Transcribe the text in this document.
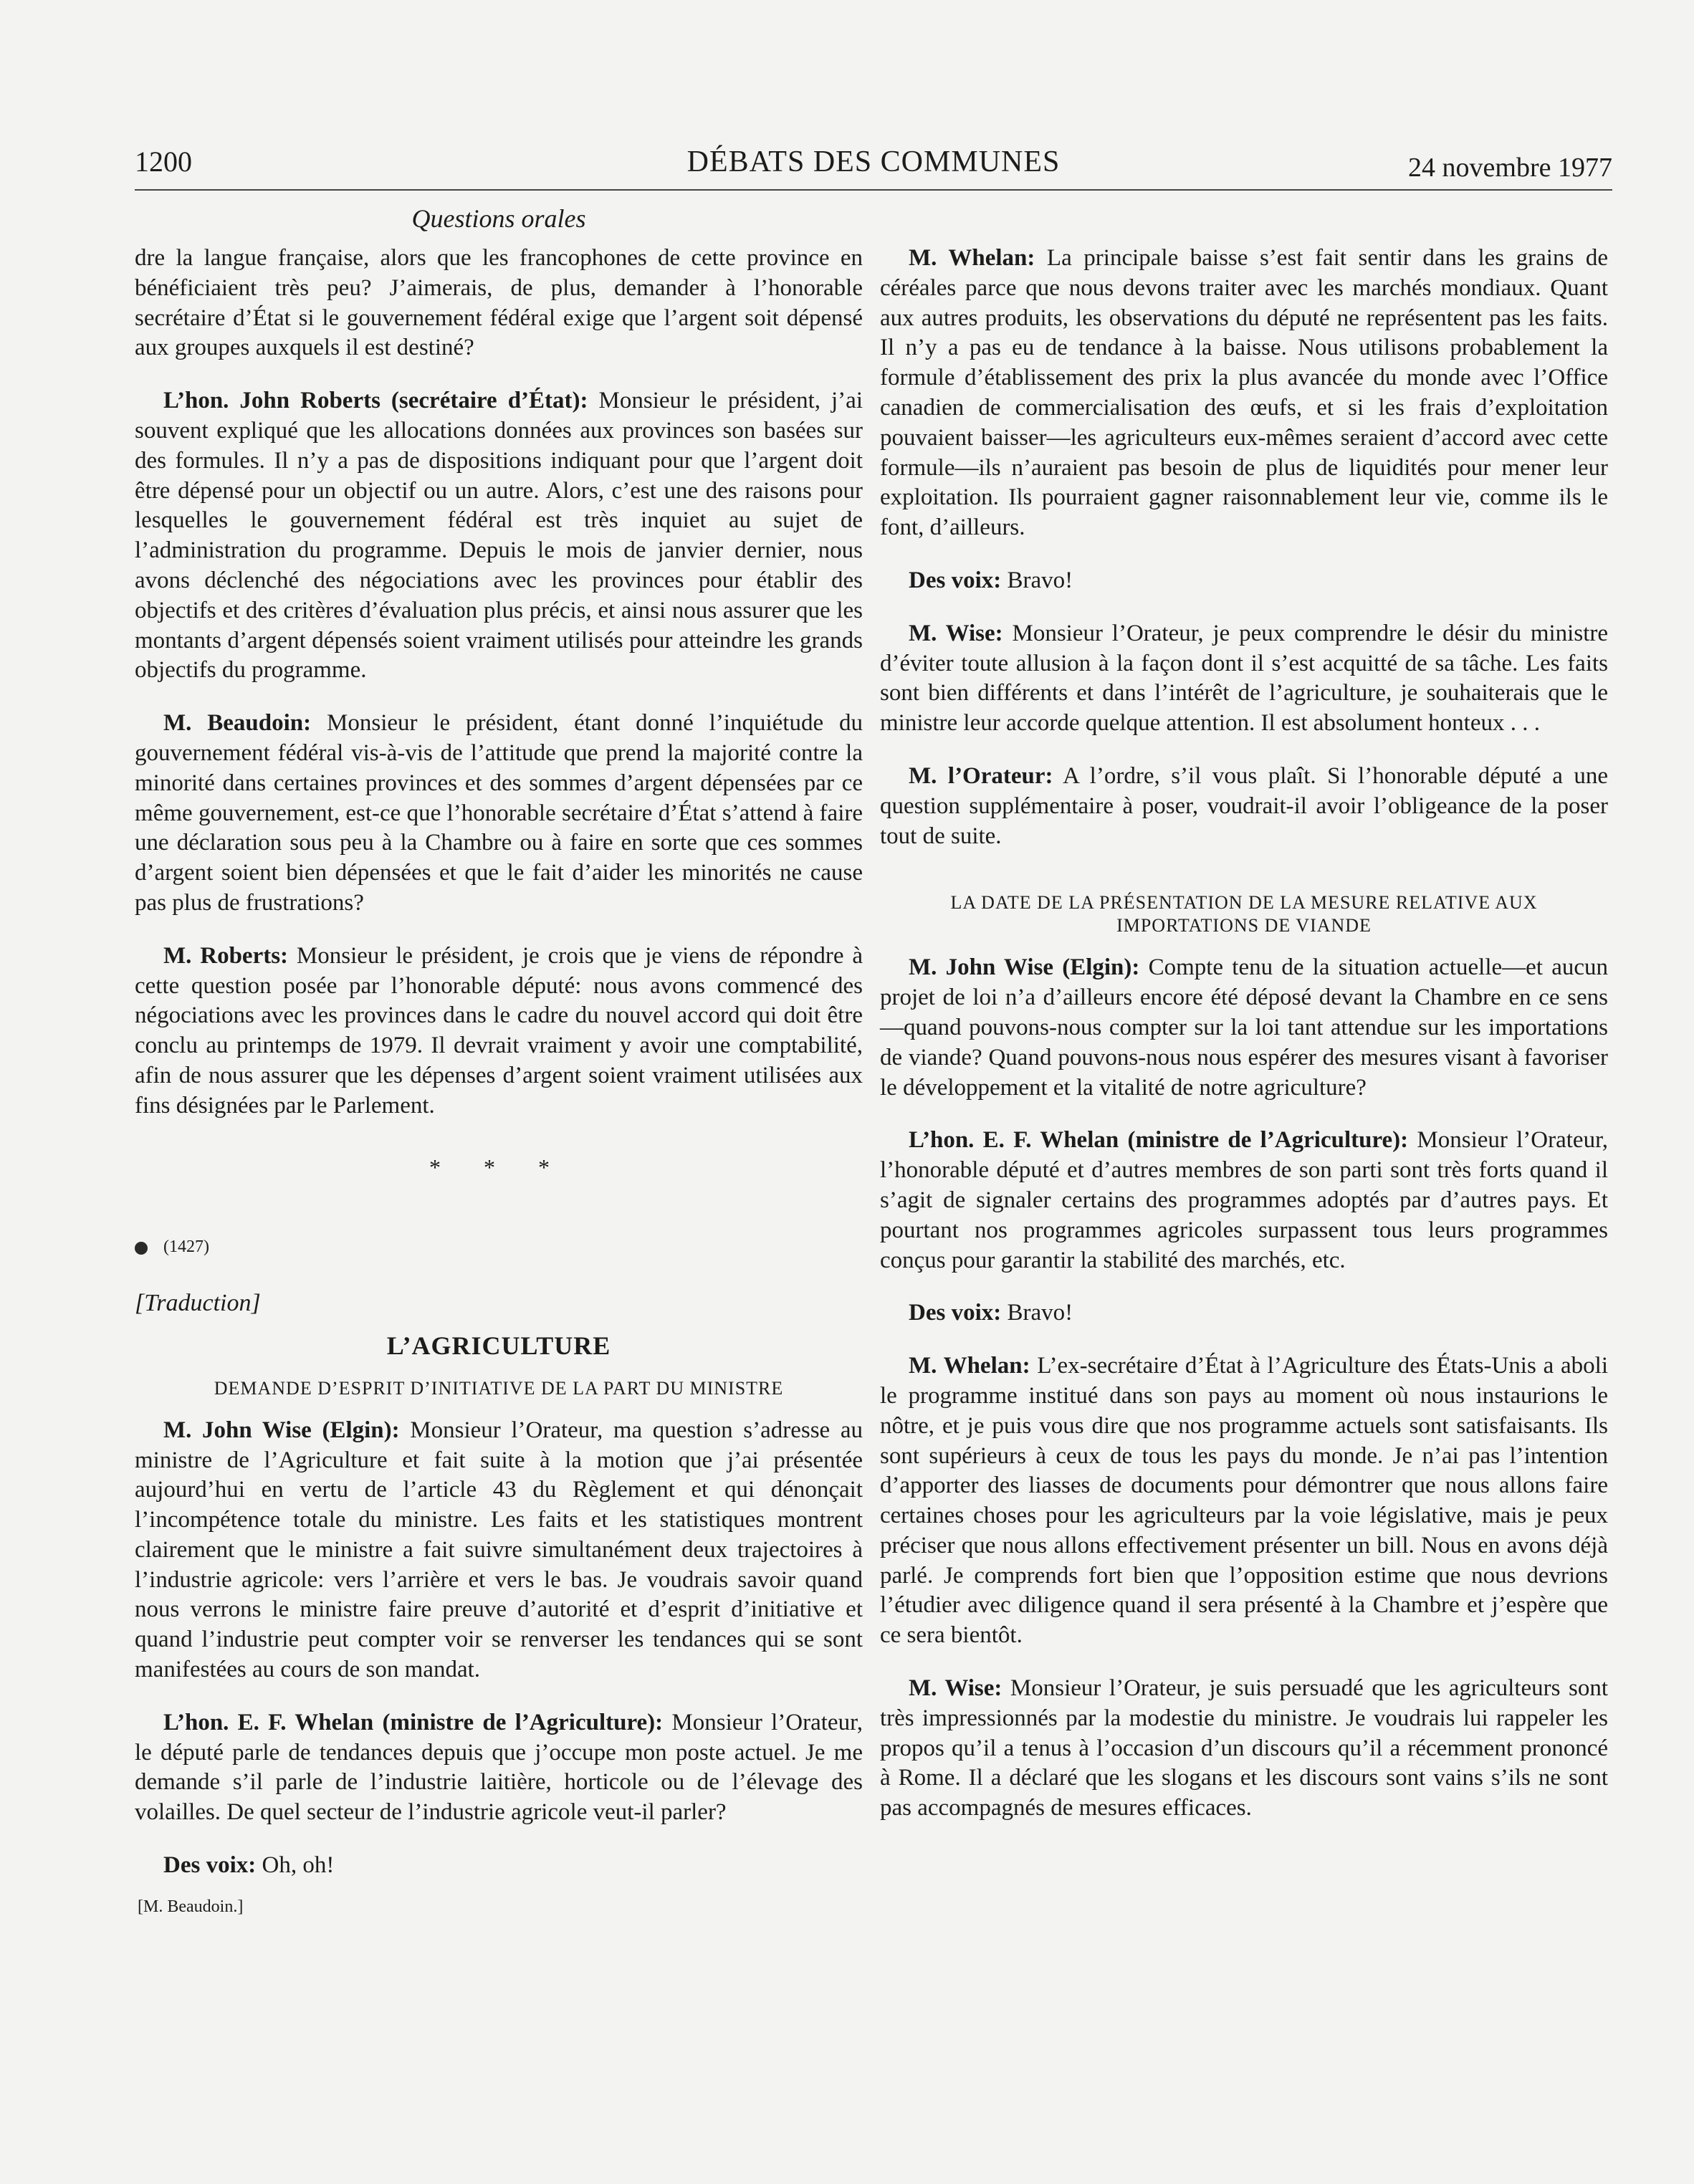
1200	DÉBATS DES COMMUNES	24 novembre 1977
Questions orales

dre la langue française, alors que les francophones de cette province en bénéficiaient très peu? J’aimerais, de plus, demander à l’honorable secrétaire d’État si le gouvernement fédéral exige que l’argent soit dépensé aux groupes auxquels il est destiné?

L’hon. John Roberts (secrétaire d’État): Monsieur le président, j’ai souvent expliqué que les allocations données aux provinces son basées sur des formules. Il n’y a pas de dispositions indiquant pour que l’argent doit être dépensé pour un objectif ou un autre. Alors, c’est une des raisons pour lesquelles le gouvernement fédéral est très inquiet au sujet de l’administration du programme. Depuis le mois de janvier dernier, nous avons déclenché des négociations avec les provinces pour établir des objectifs et des critères d’évaluation plus précis, et ainsi nous assurer que les montants d’argent dépensés soient vraiment utilisés pour atteindre les grands objectifs du programme.

M. Beaudoin: Monsieur le président, étant donné l’inquiétude du gouvernement fédéral vis-à-vis de l’attitude que prend la majorité contre la minorité dans certaines provinces et des sommes d’argent dépensées par ce même gouvernement, est-ce que l’honorable secrétaire d’État s’attend à faire une déclaration sous peu à la Chambre ou à faire en sorte que ces sommes d’argent soient bien dépensées et que le fait d’aider les minorités ne cause pas plus de frustrations?

M. Roberts: Monsieur le président, je crois que je viens de répondre à cette question posée par l’honorable député: nous avons commencé des négociations avec les provinces dans le cadre du nouvel accord qui doit être conclu au printemps de 1979. Il devrait vraiment y avoir une comptabilité, afin de nous assurer que les dépenses d’argent soient vraiment utilisées aux fins désignées par le Parlement.

* * *
(1427)
[Traduction]
L’AGRICULTURE
DEMANDE D’ESPRIT D’INITIATIVE DE LA PART DU MINISTRE

M. John Wise (Elgin): Monsieur l’Orateur, ma question s’adresse au ministre de l’Agriculture et fait suite à la motion que j’ai présentée aujourd’hui en vertu de l’article 43 du Règlement et qui dénonçait l’incompétence totale du ministre. Les faits et les statistiques montrent clairement que le ministre a fait suivre simultanément deux trajectoires à l’industrie agricole: vers l’arrière et vers le bas. Je voudrais savoir quand nous verrons le ministre faire preuve d’autorité et d’esprit d’initiative et quand l’industrie peut compter voir se renverser les tendances qui se sont manifestées au cours de son mandat.

L’hon. E. F. Whelan (ministre de l’Agriculture): Monsieur l’Orateur, le député parle de tendances depuis que j’occupe mon poste actuel. Je me demande s’il parle de l’industrie laitière, horticole ou de l’élevage des volailles. De quel secteur de l’industrie agricole veut-il parler?

Des voix: Oh, oh!

[M. Beaudoin.]

M. Whelan: La principale baisse s’est fait sentir dans les grains de céréales parce que nous devons traiter avec les marchés mondiaux. Quant aux autres produits, les observations du député ne représentent pas les faits. Il n’y a pas eu de tendance à la baisse. Nous utilisons probablement la formule d’établissement des prix la plus avancée du monde avec l’Office canadien de commercialisation des œufs, et si les frais d’exploitation pouvaient baisser—les agriculteurs eux-mêmes seraient d’accord avec cette formule—ils n’auraient pas besoin de plus de liquidités pour mener leur exploitation. Ils pourraient gagner raisonnablement leur vie, comme ils le font, d’ailleurs.

Des voix: Bravo!

M. Wise: Monsieur l’Orateur, je peux comprendre le désir du ministre d’éviter toute allusion à la façon dont il s’est acquitté de sa tâche. Les faits sont bien différents et dans l’intérêt de l’agriculture, je souhaiterais que le ministre leur accorde quelque attention. Il est absolument honteux . . .

M. l’Orateur: A l’ordre, s’il vous plaît. Si l’honorable député a une question supplémentaire à poser, voudrait-il avoir l’obligeance de la poser tout de suite.

LA DATE DE LA PRÉSENTATION DE LA MESURE RELATIVE AUX IMPORTATIONS DE VIANDE

M. John Wise (Elgin): Compte tenu de la situation actuelle—et aucun projet de loi n’a d’ailleurs encore été déposé devant la Chambre en ce sens—quand pouvons-nous compter sur la loi tant attendue sur les importations de viande? Quand pouvons-nous nous espérer des mesures visant à favoriser le développement et la vitalité de notre agriculture?

L’hon. E. F. Whelan (ministre de l’Agriculture): Monsieur l’Orateur, l’honorable député et d’autres membres de son parti sont très forts quand il s’agit de signaler certains des programmes adoptés par d’autres pays. Et pourtant nos programmes agricoles surpassent tous leurs programmes conçus pour garantir la stabilité des marchés, etc.

Des voix: Bravo!

M. Whelan: L’ex-secrétaire d’État à l’Agriculture des États-Unis a aboli le programme institué dans son pays au moment où nous instaurions le nôtre, et je puis vous dire que nos programme actuels sont satisfaisants. Ils sont supérieurs à ceux de tous les pays du monde. Je n’ai pas l’intention d’apporter des liasses de documents pour démontrer que nous allons faire certaines choses pour les agriculteurs par la voie législative, mais je peux préciser que nous allons effectivement présenter un bill. Nous en avons déjà parlé. Je comprends fort bien que l’opposition estime que nous devrions l’étudier avec diligence quand il sera présenté à la Chambre et j’espère que ce sera bientôt.

M. Wise: Monsieur l’Orateur, je suis persuadé que les agriculteurs sont très impressionnés par la modestie du ministre. Je voudrais lui rappeler les propos qu’il a tenus à l’occasion d’un discours qu’il a récemment prononcé à Rome. Il a déclaré que les slogans et les discours sont vains s’ils ne sont pas accompagnés de mesures efficaces.
